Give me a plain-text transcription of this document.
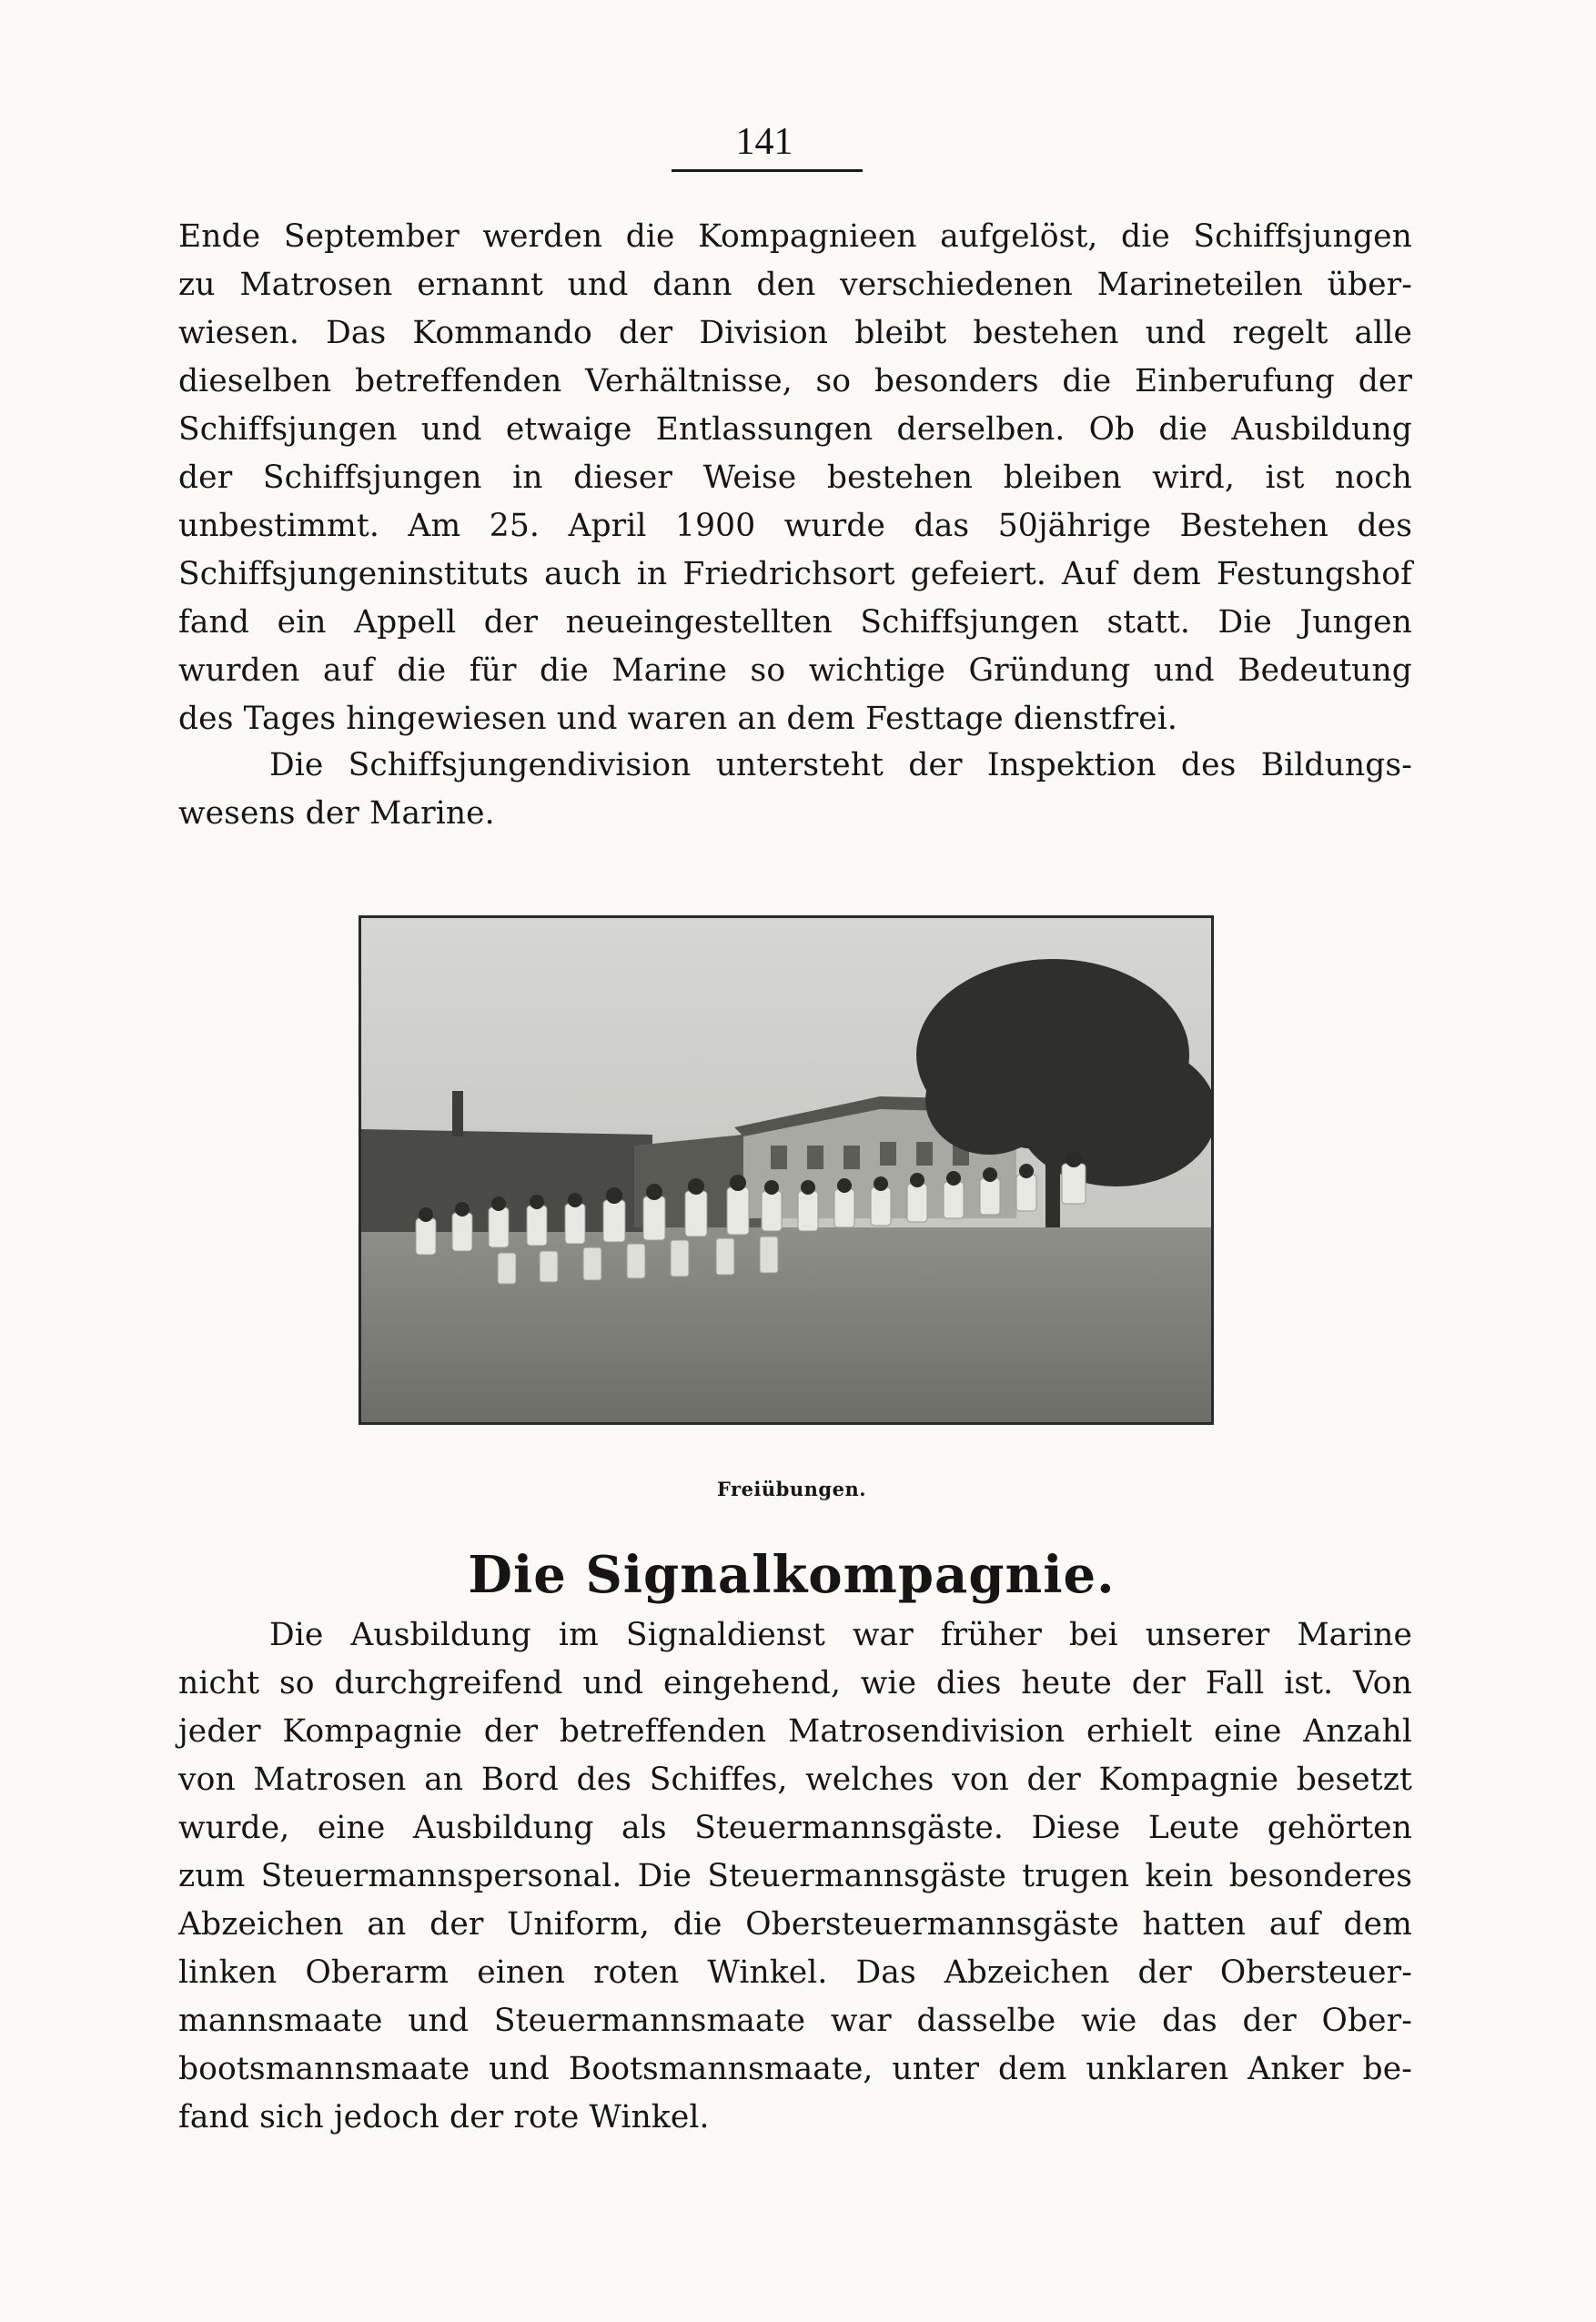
141
Ende September werden die Kompagnieen aufgelöst, die Schiffsjungen
zu Matrosen ernannt und dann den verschiedenen Marineteilen über-
wiesen. Das Kommando der Division bleibt bestehen und regelt alle
dieselben betreffenden Verhältnisse, so besonders die Einberufung der
Schiffsjungen und etwaige Entlassungen derselben. Ob die Ausbildung
der Schiffsjungen in dieser Weise bestehen bleiben wird, ist noch
unbestimmt. Am 25. April 1900 wurde das 50jährige Bestehen des
Schiffsjungeninstituts auch in Friedrichsort gefeiert. Auf dem Festungshof
fand ein Appell der neueingestellten Schiffsjungen statt. Die Jungen
wurden auf die für die Marine so wichtige Gründung und Bedeutung
des Tages hingewiesen und waren an dem Festtage dienstfrei.
Die Schiffsjungendivision untersteht der Inspektion des Bildungs-
wesens der Marine.
Freiübungen.
Die Signalkompagnie.
Die Ausbildung im Signaldienst war früher bei unserer Marine
nicht so durchgreifend und eingehend, wie dies heute der Fall ist. Von
jeder Kompagnie der betreffenden Matrosendivision erhielt eine Anzahl
von Matrosen an Bord des Schiffes, welches von der Kompagnie besetzt
wurde, eine Ausbildung als Steuermannsgäste. Diese Leute gehörten
zum Steuermannspersonal. Die Steuermannsgäste trugen kein besonderes
Abzeichen an der Uniform, die Obersteuermannsgäste hatten auf dem
linken Oberarm einen roten Winkel. Das Abzeichen der Obersteuer-
mannsmaate und Steuermannsmaate war dasselbe wie das der Ober-
bootsmannsmaate und Bootsmannsmaate, unter dem unklaren Anker be-
fand sich jedoch der rote Winkel.
